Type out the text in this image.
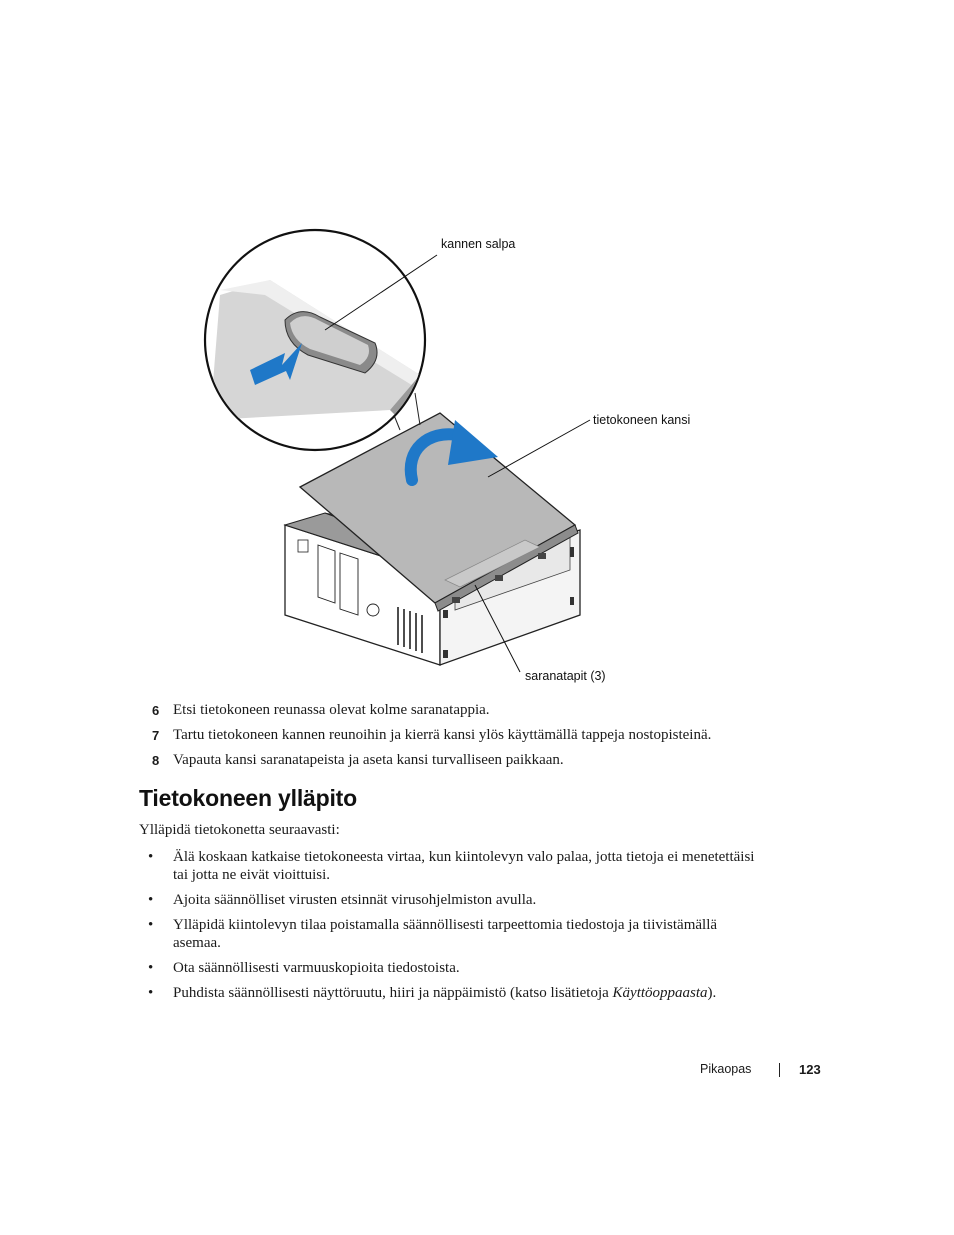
kannen salpa
tietokoneen kansi
saranatapit (3)
6 Etsi tietokoneen reunassa olevat kolme saranatappia.
7 Tartu tietokoneen kannen reunoihin ja kierrä kansi ylös käyttämällä tappeja nostopisteinä.
8 Vapauta kansi saranatapeista ja aseta kansi turvalliseen paikkaan.
Tietokoneen ylläpito
Ylläpidä tietokonetta seuraavasti:
•	Älä koskaan katkaise tietokoneesta virtaa, kun kiintolevyn valo palaa, jotta tietoja ei menetettäisi tai jotta ne eivät vioittuisi.
•	Ajoita säännölliset virusten etsinnät virusohjelmiston avulla.
•	Ylläpidä kiintolevyn tilaa poistamalla säännöllisesti tarpeettomia tiedostoja ja tiivistämällä asemaa.
•	Ota säännöllisesti varmuuskopioita tiedostoista.
•	Puhdista säännöllisesti näyttöruutu, hiiri ja näppäimistö (katso lisätietoja Käyttöoppaasta).
Pikaopas	123
